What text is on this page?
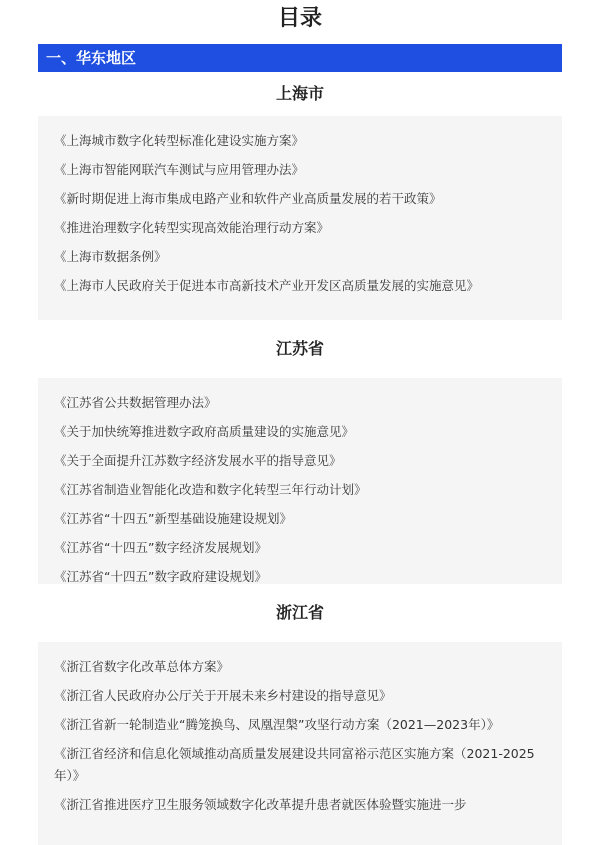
目录
一、华东地区
上海市
《上海城市数字化转型标准化建设实施方案》
《上海市智能网联汽车测试与应用管理办法》
《新时期促进上海市集成电路产业和软件产业高质量发展的若干政策》
《推进治理数字化转型实现高效能治理行动方案》
《上海市数据条例》
《上海市人民政府关于促进本市高新技术产业开发区高质量发展的实施意见》
江苏省
《江苏省公共数据管理办法》
《关于加快统筹推进数字政府高质量建设的实施意见》
《关于全面提升江苏数字经济发展水平的指导意见》
《江苏省制造业智能化改造和数字化转型三年行动计划》
《江苏省“十四五”新型基础设施建设规划》
《江苏省“十四五”数字经济发展规划》
《江苏省“十四五”数字政府建设规划》
浙江省
《浙江省数字化改革总体方案》
《浙江省人民政府办公厅关于开展未来乡村建设的指导意见》
《浙江省新一轮制造业“腾笼换鸟、凤凰涅槃”攻坚行动方案（2021—2023年）》
《浙江省经济和信息化领域推动高质量发展建设共同富裕示范区实施方案（2021-2025年）》
《浙江省推进医疗卫生服务领域数字化改革提升患者就医体验暨实施进一步
